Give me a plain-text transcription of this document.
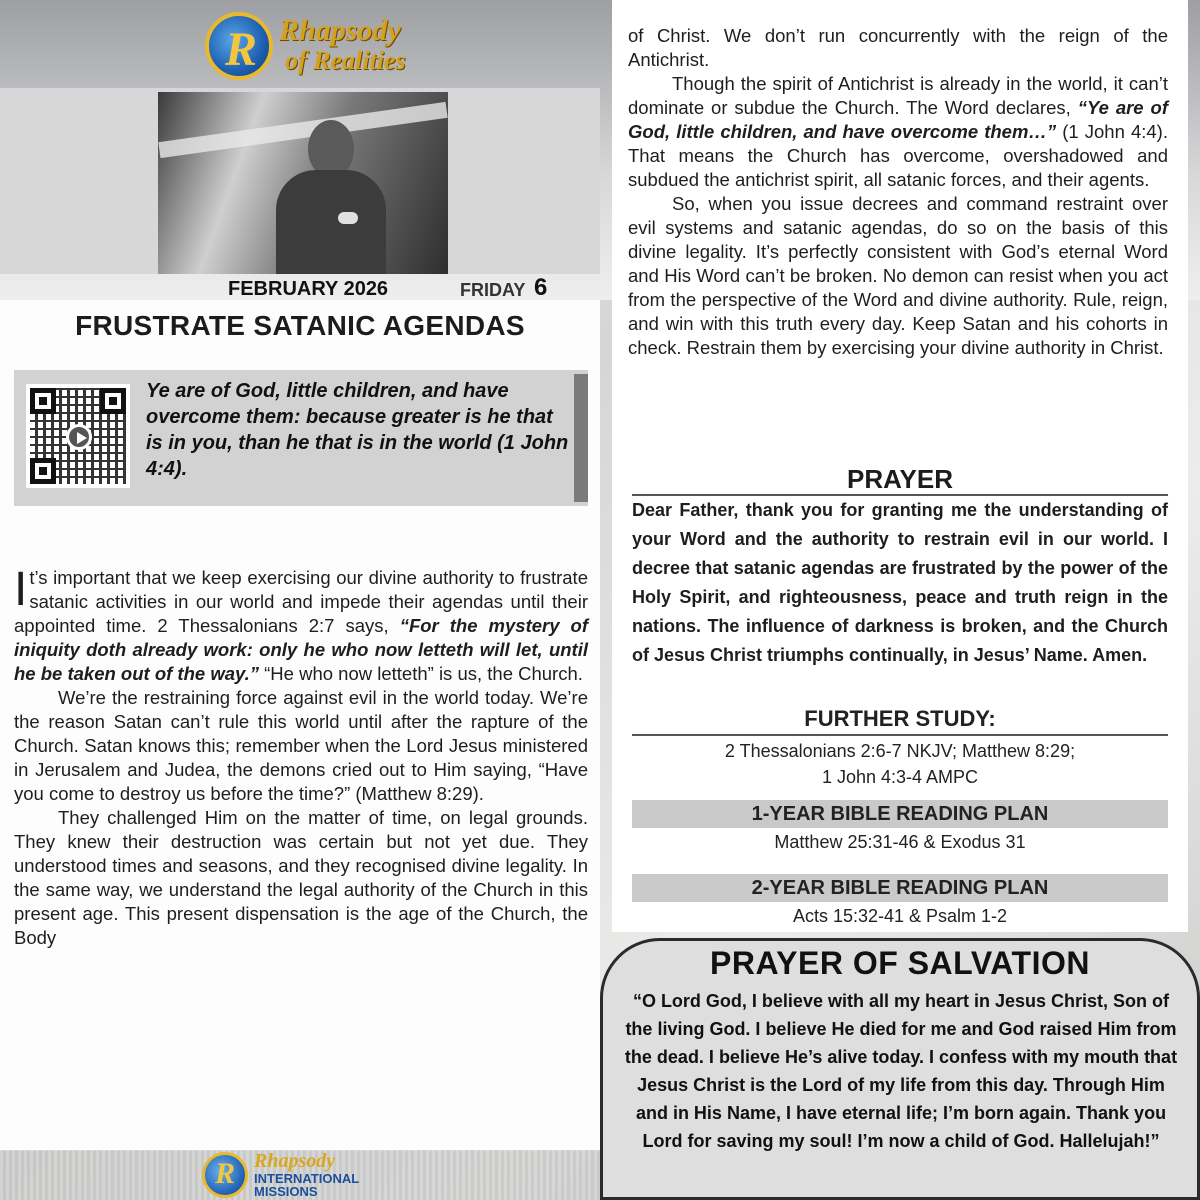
R Rhapsody
of Realities
FEBRUARY 2026	FRIDAY 6
FRUSTRATE SATANIC AGENDAS
Ye are of God, little children, and have overcome them: because greater is he that is in you, than he that is in the world (1 John 4:4).

It’s important that we keep exercising our divine authority to frustrate satanic activities in our world and impede their agendas until their appointed time. 2 Thessalonians 2:7 says, “For the mystery of iniquity doth already work: only he who now letteth will let, until he be taken out of the way.” “He who now letteth” is us, the Church.

We’re the restraining force against evil in the world today. We’re the reason Satan can’t rule this world until after the rapture of the Church. Satan knows this; remember when the Lord Jesus ministered in Jerusalem and Judea, the demons cried out to Him saying, “Have you come to destroy us before the time?” (Matthew 8:29).

They challenged Him on the matter of time, on legal grounds. They knew their destruction was certain but not yet due. They understood times and seasons, and they recognised divine legality. In the same way, we understand the legal authority of the Church in this present age. This present dispensation is the age of the Church, the Body

of Christ. We don’t run concurrently with the reign of the Antichrist.

Though the spirit of Antichrist is already in the world, it can’t dominate or subdue the Church. The Word declares, “Ye are of God, little children, and have overcome them…” (1 John 4:4). That means the Church has overcome, overshadowed and subdued the antichrist spirit, all satanic forces, and their agents.

So, when you issue decrees and command restraint over evil systems and satanic agendas, do so on the basis of this divine legality. It’s perfectly consistent with God’s eternal Word and His Word can’t be broken. No demon can resist when you act from the perspective of the Word and divine authority. Rule, reign, and win with this truth every day. Keep Satan and his cohorts in check. Restrain them by exercising your divine authority in Christ.

PRAYER
Dear Father, thank you for granting me the understanding of your Word and the authority to restrain evil in our world. I decree that satanic agendas are frustrated by the power of the Holy Spirit, and righteousness, peace and truth reign in the nations. The influence of darkness is broken, and the Church of Jesus Christ triumphs continually, in Jesus’ Name. Amen.
FURTHER STUDY:
2 Thessalonians 2:6-7 NKJV; Matthew 8:29;
1 John 4:3-4 AMPC
1-YEAR BIBLE READING PLAN
Matthew 25:31-46 & Exodus 31
2-YEAR BIBLE READING PLAN
Acts 15:32-41 & Psalm 1-2
PRAYER OF SALVATION
“O Lord God, I believe with all my heart in Jesus Christ, Son of the living God. I believe He died for me and God raised Him from the dead. I believe He’s alive today. I confess with my mouth that Jesus Christ is the Lord of my life from this day. Through Him and in His Name, I have eternal life; I’m born again. Thank you Lord for saving my soul! I’m now a child of God. Hallelujah!”
R Rhapsody
INTERNATIONAL
MISSIONS
